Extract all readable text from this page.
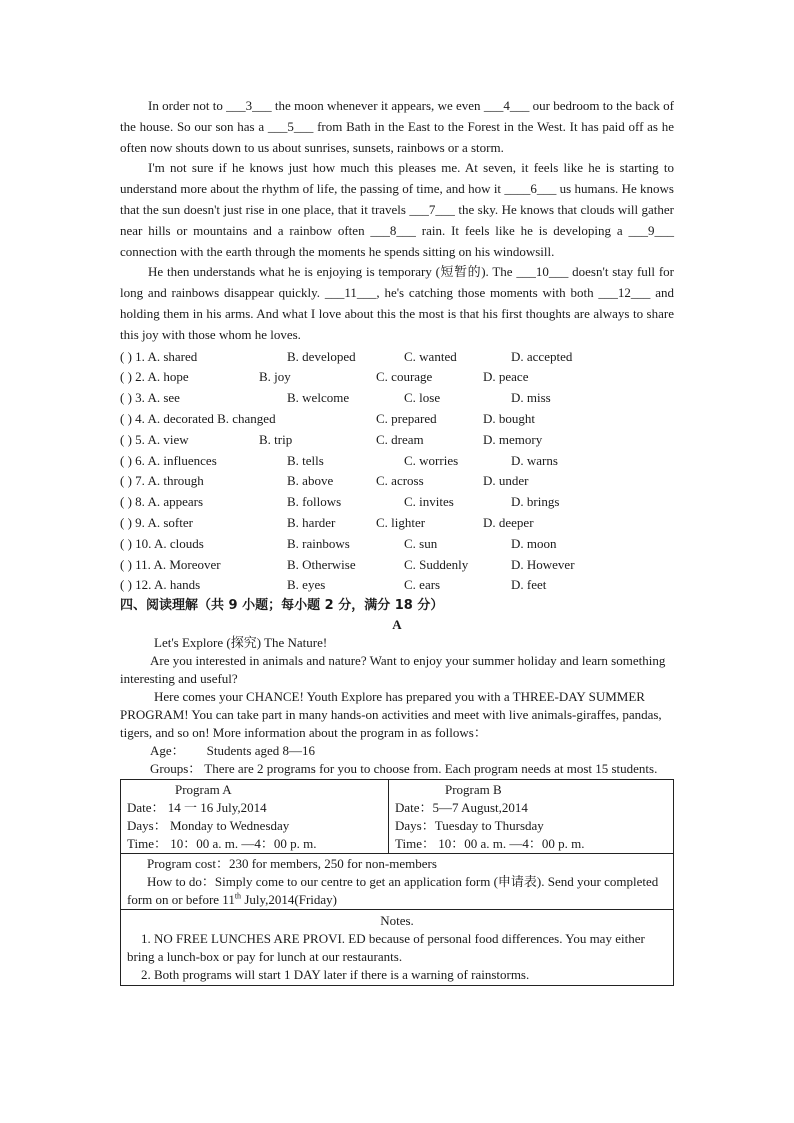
In order not to ___3___ the moon whenever it appears, we even ___4___ our bedroom to the back of the house. So our son has a ___5___ from Bath in the East to the Forest in the West. It has paid off as he often now shouts down to us about sunrises, sunsets, rainbows or a storm.

I'm not sure if he knows just how much this pleases me. At seven, it feels like he is starting to understand more about the rhythm of life, the passing of time, and how it ____6___ us humans. He knows that the sun doesn't just rise in one place, that it travels ___7___ the sky. He knows that clouds will gather near hills or mountains and a rainbow often ___8___ rain. It feels like he is developing a ___9___ connection with the earth through the moments he spends sitting on his windowsill.

He then understands what he is enjoying is temporary (短暂的). The ___10___ doesn't stay full for long and rainbows disappear quickly. ___11___, he's catching those moments with both ___12___ and holding them in his arms. And what I love about this the most is that his first thoughts are always to share this joy with those whom he loves.

( ) 1. A. shared	B. developed	C. wanted	D. accepted
( ) 2. A. hope	B. joy	C. courage	D. peace
( ) 3. A. see	B. welcome	C. lose	D. miss
( ) 4. A. decorated B. changed	C. prepared	D. bought
( ) 5. A. view	B. trip	C. dream	D. memory
( ) 6. A. influences	B. tells	C. worries	D. warns
( ) 7. A. through	B. above	C. across	D. under
( ) 8. A. appears	B. follows	C. invites	D. brings
( ) 9. A. softer	B. harder	C. lighter	D. deeper
( ) 10. A. clouds	B. rainbows	C. sun	D. moon
( ) 11. A. Moreover	B. Otherwise	C. Suddenly	D. However
( ) 12. A. hands	B. eyes	C. ears	D. feet
四、阅读理解（共 9 小题；每小题 2 分，满分 18 分）
A

Let's Explore (探究) The Nature!

Are you interested in animals and nature? Want to enjoy your summer holiday and learn something interesting and useful?

Here comes your CHANCE! Youth Explore has prepared you with a THREE-DAY SUMMER PROGRAM! You can take part in many hands-on activities and meet with live animals-giraffes, pandas, tigers, and so on! More information about the program in as follows：

Age： Students aged 8—16

Groups： There are 2 programs for you to choose from. Each program needs at most 15 students.

Program A
Date： 14 一 16 July,2014
Days： Monday to Wednesday
Time： 10：00 a. m. —4：00 p. m.

Program B
Date：5—7 August,2014
Days：Tuesday to Thursday
Time： 10：00 a. m. —4：00 p. m.

Program cost：230 for members, 250 for non-members
How to do：Simply come to our centre to get an application form (申请表). Send your completed form on or before 11th July,2014(Friday)
Notes.
1. NO FREE LUNCHES ARE PROVI. ED because of personal food differences. You may either bring a lunch-box or pay for lunch at our restaurants.
2. Both programs will start 1 DAY later if there is a warning of rainstorms.
